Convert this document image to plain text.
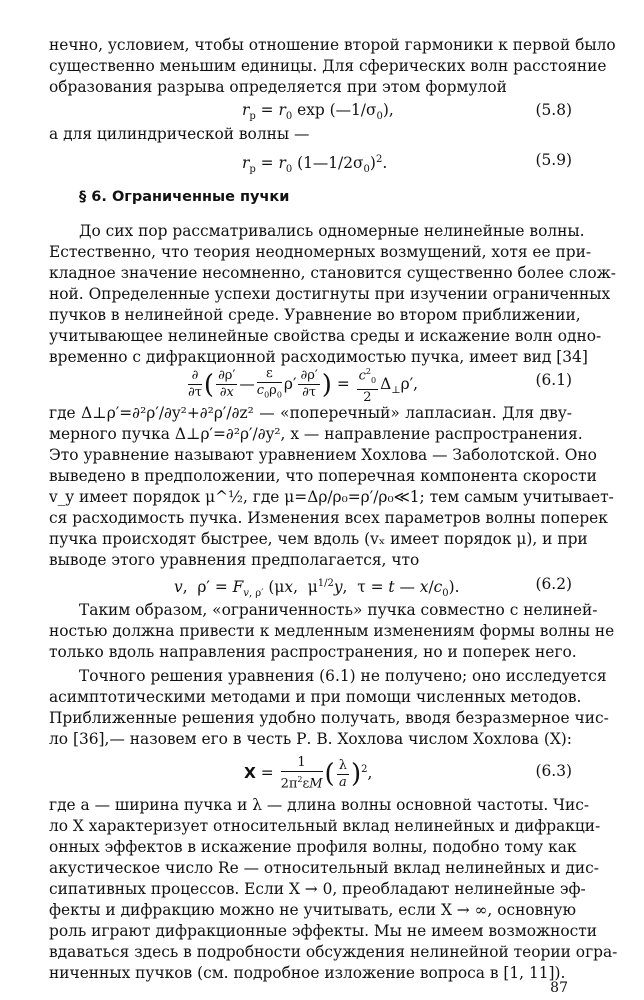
нечно, условием, чтобы отношение второй гармоники к первой было
существенно меньшим единицы. Для сферических волн расстояние
образования разрыва определяется при этом формулой
$r_р = r_0$ $\exp (—1/\sigma_0)$,	(5.8)
а для цилиндрической волны —
$r_р = r_0$ $(1—1/2\sigma_0)^2$.	(5.9)
§ 6. Ограниченные пучки
До сих пор рассматривались одномерные нелинейные волны.
Естественно, что теория неодномерных возмущений, хотя ее при-
кладное значение несомненно, становится существенно более слож-
ной. Определенные успехи достигнуты при изучении ограниченных
пучков в нелинейной среде. Уравнение во втором приближении,
учитывающее нелинейные свойства среды и искажение волн одно-
временно с дифракционной расходимостью пучка, имеет вид [34]
$\frac{\partial}{\partial\tau}$ ( $\frac{\partial\rho'}{\partial x}$ — $\frac{\varepsilon}{c_0\rho_0} \rho' \frac{\partial\rho'}{\partial\tau}$ ) = $\frac{c^2_0}{2} \Delta_\perp\rho'$,	(6.1)
где Δ⊥ρ′=∂²ρ′/∂y²+∂²ρ′/∂z² — «поперечный» лапласиан. Для дву-
мерного пучка Δ⊥ρ′=∂²ρ′/∂y², x — направление распространения.
Это уравнение называют уравнением Хохлова — Заболотской. Оно
выведено в предположении, что поперечная компонента скорости
v_y имеет порядок μ^½, где μ=Δρ/ρ₀=ρ′/ρ₀≪1; тем самым учитывает-
ся расходимость пучка. Изменения всех параметров волны поперек
пучка происходят быстрее, чем вдоль (vₓ имеет порядок μ), и при
выводе этого уравнения предполагается, что
v,  $\rho' = F_{v, \rho'}$ (μx,  $\mu^{1/2}y$,  τ = t — $x/c_0$).	(6.2)
Таким образом, «ограниченность» пучка совместно с нелиней-
ностью должна привести к медленным изменениям формы волны не
только вдоль направления распространения, но и поперек него.
Точного решения уравнения (6.1) не получено; оно исследуется
асимптотическими методами и при помощи численных методов.
Приближенные решения удобно получать, вводя безразмерное чис-
ло [36],— назовем его в честь Р. В. Хохлова числом Хохлова (X):
$X = \frac{1}{2\pi^2\varepsilon M}$ ( $\frac{\lambda}{a} )^2$,	(6.3)
где a — ширина пучка и λ — длина волны основной частоты. Чис-
ло X характеризует относительный вклад нелинейных и дифракци-
онных эффектов в искажение профиля волны, подобно тому как
акустическое число Re — относительный вклад нелинейных и дис-
сипативных процессов. Если X → 0, преобладают нелинейные эф-
фекты и дифракцию можно не учитывать, если X → ∞, основную
роль играют дифракционные эффекты. Мы не имеем возможности
вдаваться здесь в подробности обсуждения нелинейной теории огра-
ниченных пучков (см. подробное изложение вопроса в [1, 11]).
87
